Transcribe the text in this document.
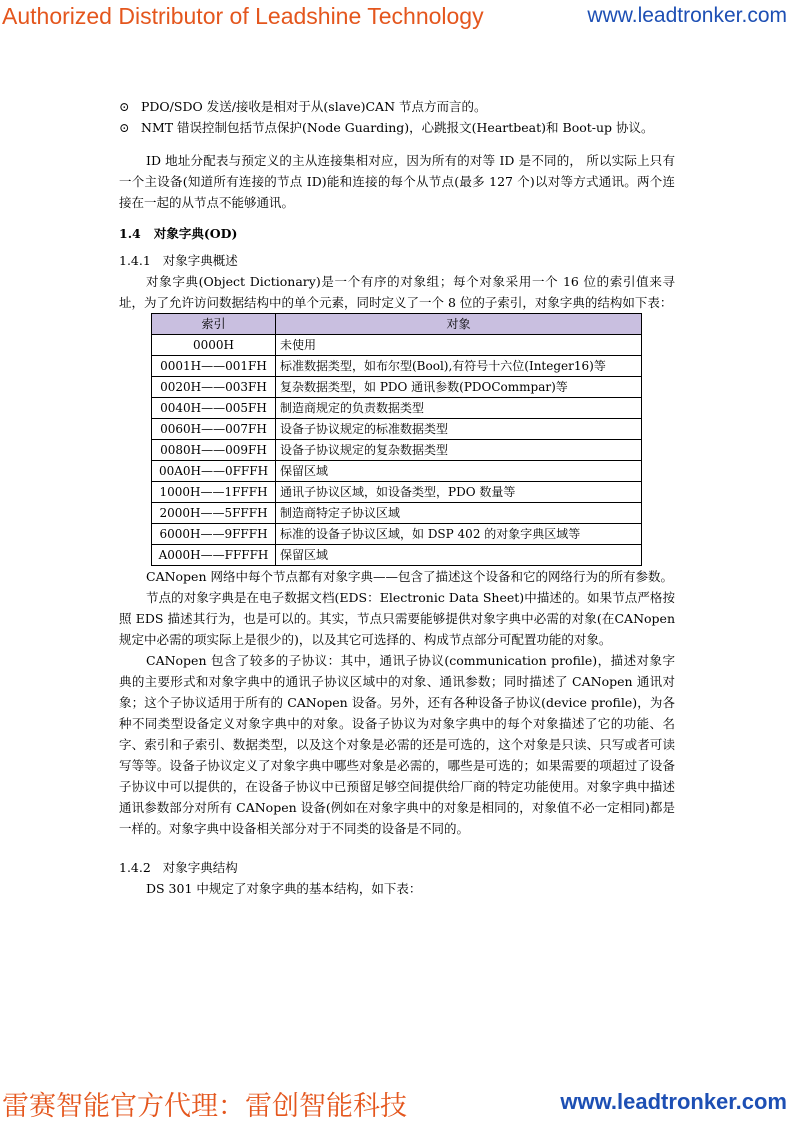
Authorized Distributor of Leadshine Technology	www.leadtronker.com
⊙ PDO/SDO 发送/接收是相对于从(slave)CAN 节点方而言的。
⊙ NMT 错误控制包括节点保护(Node Guarding)，心跳报文(Heartbeat)和 Boot-up 协议。

ID 地址分配表与预定义的主从连接集相对应，因为所有的对等 ID 是不同的， 所以实际上只有一个主设备(知道所有连接的节点 ID)能和连接的每个从节点(最多 127 个)以对等方式通讯。两个连接在一起的从节点不能够通讯。

1.4 对象字典(OD)
1.4.1 对象字典概述

对象字典(Object Dictionary)是一个有序的对象组；每个对象采用一个 16 位的索引值来寻址，为了允许访问数据结构中的单个元素，同时定义了一个 8 位的子索引，对象字典的结构如下表：

索引	对象
0000H	未使用
0001H——001FH	标准数据类型，如布尔型(Bool),有符号十六位(Integer16)等
0020H——003FH	复杂数据类型，如 PDO 通讯参数(PDOCommpar)等
0040H——005FH	制造商规定的负责数据类型
0060H——007FH	设备子协议规定的标准数据类型
0080H——009FH	设备子协议规定的复杂数据类型
00A0H——0FFFH	保留区域
1000H——1FFFH	通讯子协议区域，如设备类型，PDO 数量等
2000H——5FFFH	制造商特定子协议区域
6000H——9FFFH	标准的设备子协议区域，如 DSP 402 的对象字典区域等
A000H——FFFFH	保留区域

CANopen 网络中每个节点都有对象字典——包含了描述这个设备和它的网络行为的所有参数。

节点的对象字典是在电子数据文档(EDS：Electronic Data Sheet)中描述的。如果节点严格按照 EDS 描述其行为，也是可以的。其实，节点只需要能够提供对象字典中必需的对象(在CANopen 规定中必需的项实际上是很少的)，以及其它可选择的、构成节点部分可配置功能的对象。

CANopen 包含了较多的子协议：其中，通讯子协议(communication profile)，描述对象字典的主要形式和对象字典中的通讯子协议区域中的对象、通讯参数；同时描述了 CANopen 通讯对象；这个子协议适用于所有的 CANopen 设备。另外，还有各种设备子协议(device profile)，为各种不同类型设备定义对象字典中的对象。设备子协议为对象字典中的每个对象描述了它的功能、名字、索引和子索引、数据类型，以及这个对象是必需的还是可选的，这个对象是只读、只写或者可读写等等。设备子协议定义了对象字典中哪些对象是必需的，哪些是可选的；如果需要的项超过了设备子协议中可以提供的，在设备子协议中已预留足够空间提供给厂商的特定功能使用。对象字典中描述通讯参数部分对所有 CANopen 设备(例如在对象字典中的对象是相同的，对象值不必一定相同)都是一样的。对象字典中设备相关部分对于不同类的设备是不同的。

1.4.2 对象字典结构

DS 301 中规定了对象字典的基本结构，如下表：

雷赛智能官方代理：雷创智能科技	www.leadtronker.com
